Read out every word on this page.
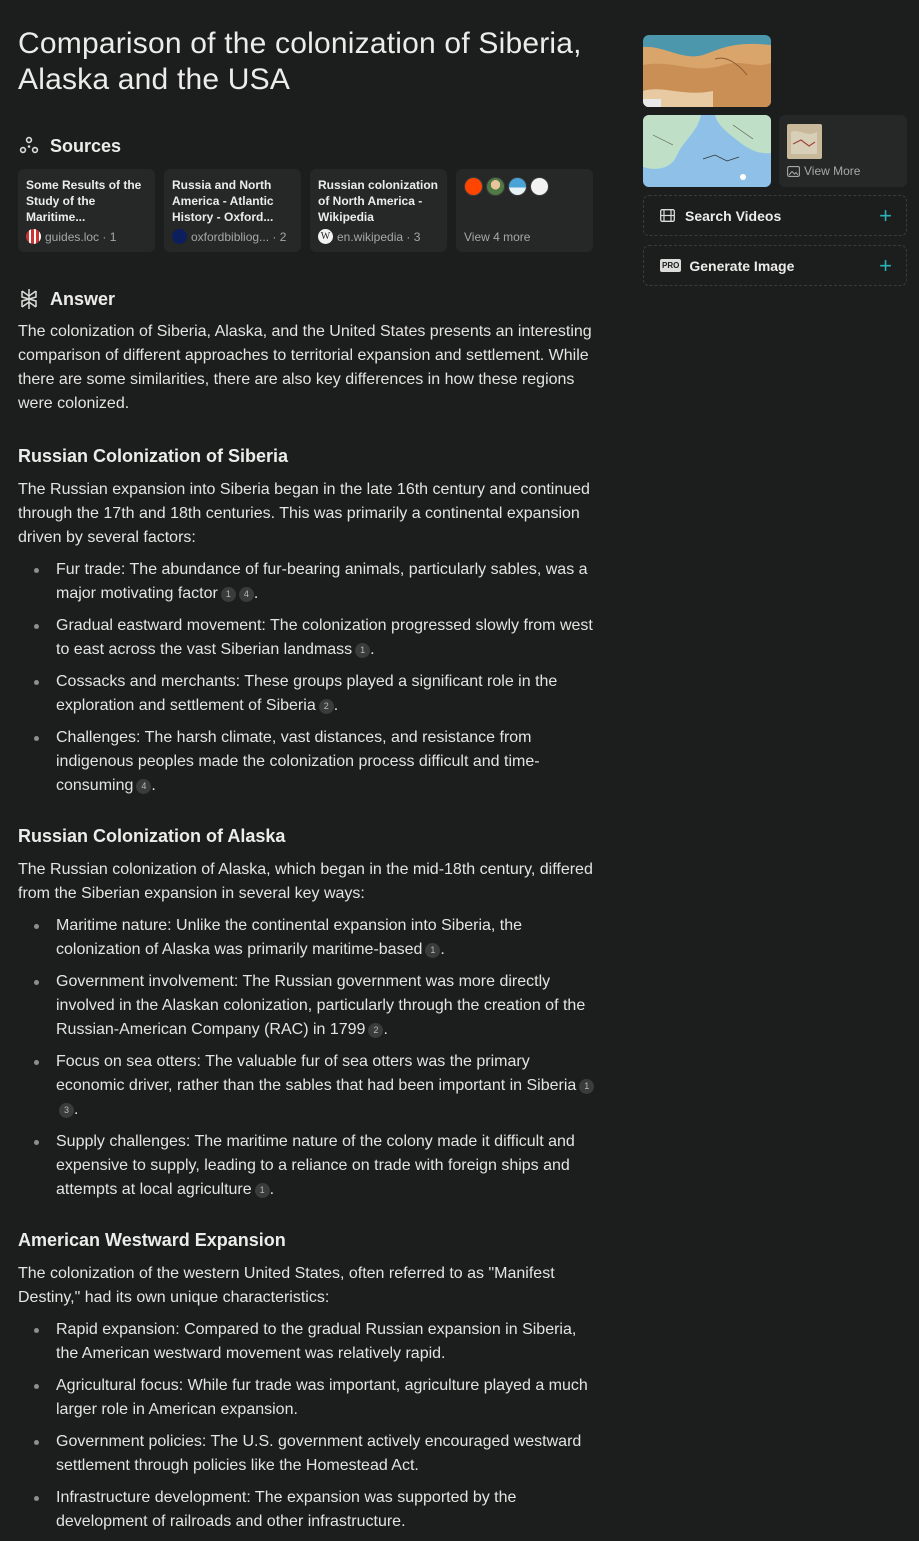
Comparison of the colonization of Siberia, Alaska and the USA
Sources
Some Results of the Study of the Maritime...
guides.loc · 1
Russia and North America - Atlantic History - Oxford...
oxfordbibliog... · 2
Russian colonization of North America - Wikipedia
W en.wikipedia · 3	View 4 more
Answer

The colonization of Siberia, Alaska, and the United States presents an interesting comparison of different approaches to territorial expansion and settlement. While there are some similarities, there are also key differences in how these regions were colonized.

Russian Colonization of Siberia

The Russian expansion into Siberia began in the late 16th century and continued through the 17th and 18th centuries. This was primarily a continental expansion driven by several factors:

Fur trade: The abundance of fur-bearing animals, particularly sables, was a major motivating factor 1 4 .
Gradual eastward movement: The colonization progressed slowly from west to east across the vast Siberian landmass 1 .
Cossacks and merchants: These groups played a significant role in the exploration and settlement of Siberia 2 .
Challenges: The harsh climate, vast distances, and resistance from indigenous peoples made the colonization process difficult and time-consuming 4 .
Russian Colonization of Alaska

The Russian colonization of Alaska, which began in the mid-18th century, differed from the Siberian expansion in several key ways:

Maritime nature: Unlike the continental expansion into Siberia, the colonization of Alaska was primarily maritime-based 1 .
Government involvement: The Russian government was more directly involved in the Alaskan colonization, particularly through the creation of the Russian-American Company (RAC) in 1799 2 .
Focus on sea otters: The valuable fur of sea otters was the primary economic driver, rather than the sables that had been important in Siberia 13 .
Supply challenges: The maritime nature of the colony made it difficult and expensive to supply, leading to a reliance on trade with foreign ships and attempts at local agriculture 1 .
American Westward Expansion

The colonization of the western United States, often referred to as "Manifest Destiny," had its own unique characteristics:

Rapid expansion: Compared to the gradual Russian expansion in Siberia, the American westward movement was relatively rapid.
Agricultural focus: While fur trade was important, agriculture played a much larger role in American expansion.
Government policies: The U.S. government actively encouraged westward settlement through policies like the Homestead Act.
Infrastructure development: The expansion was supported by the development of railroads and other infrastructure.
View More
Search Videos	+
PRO Generate Image	+
